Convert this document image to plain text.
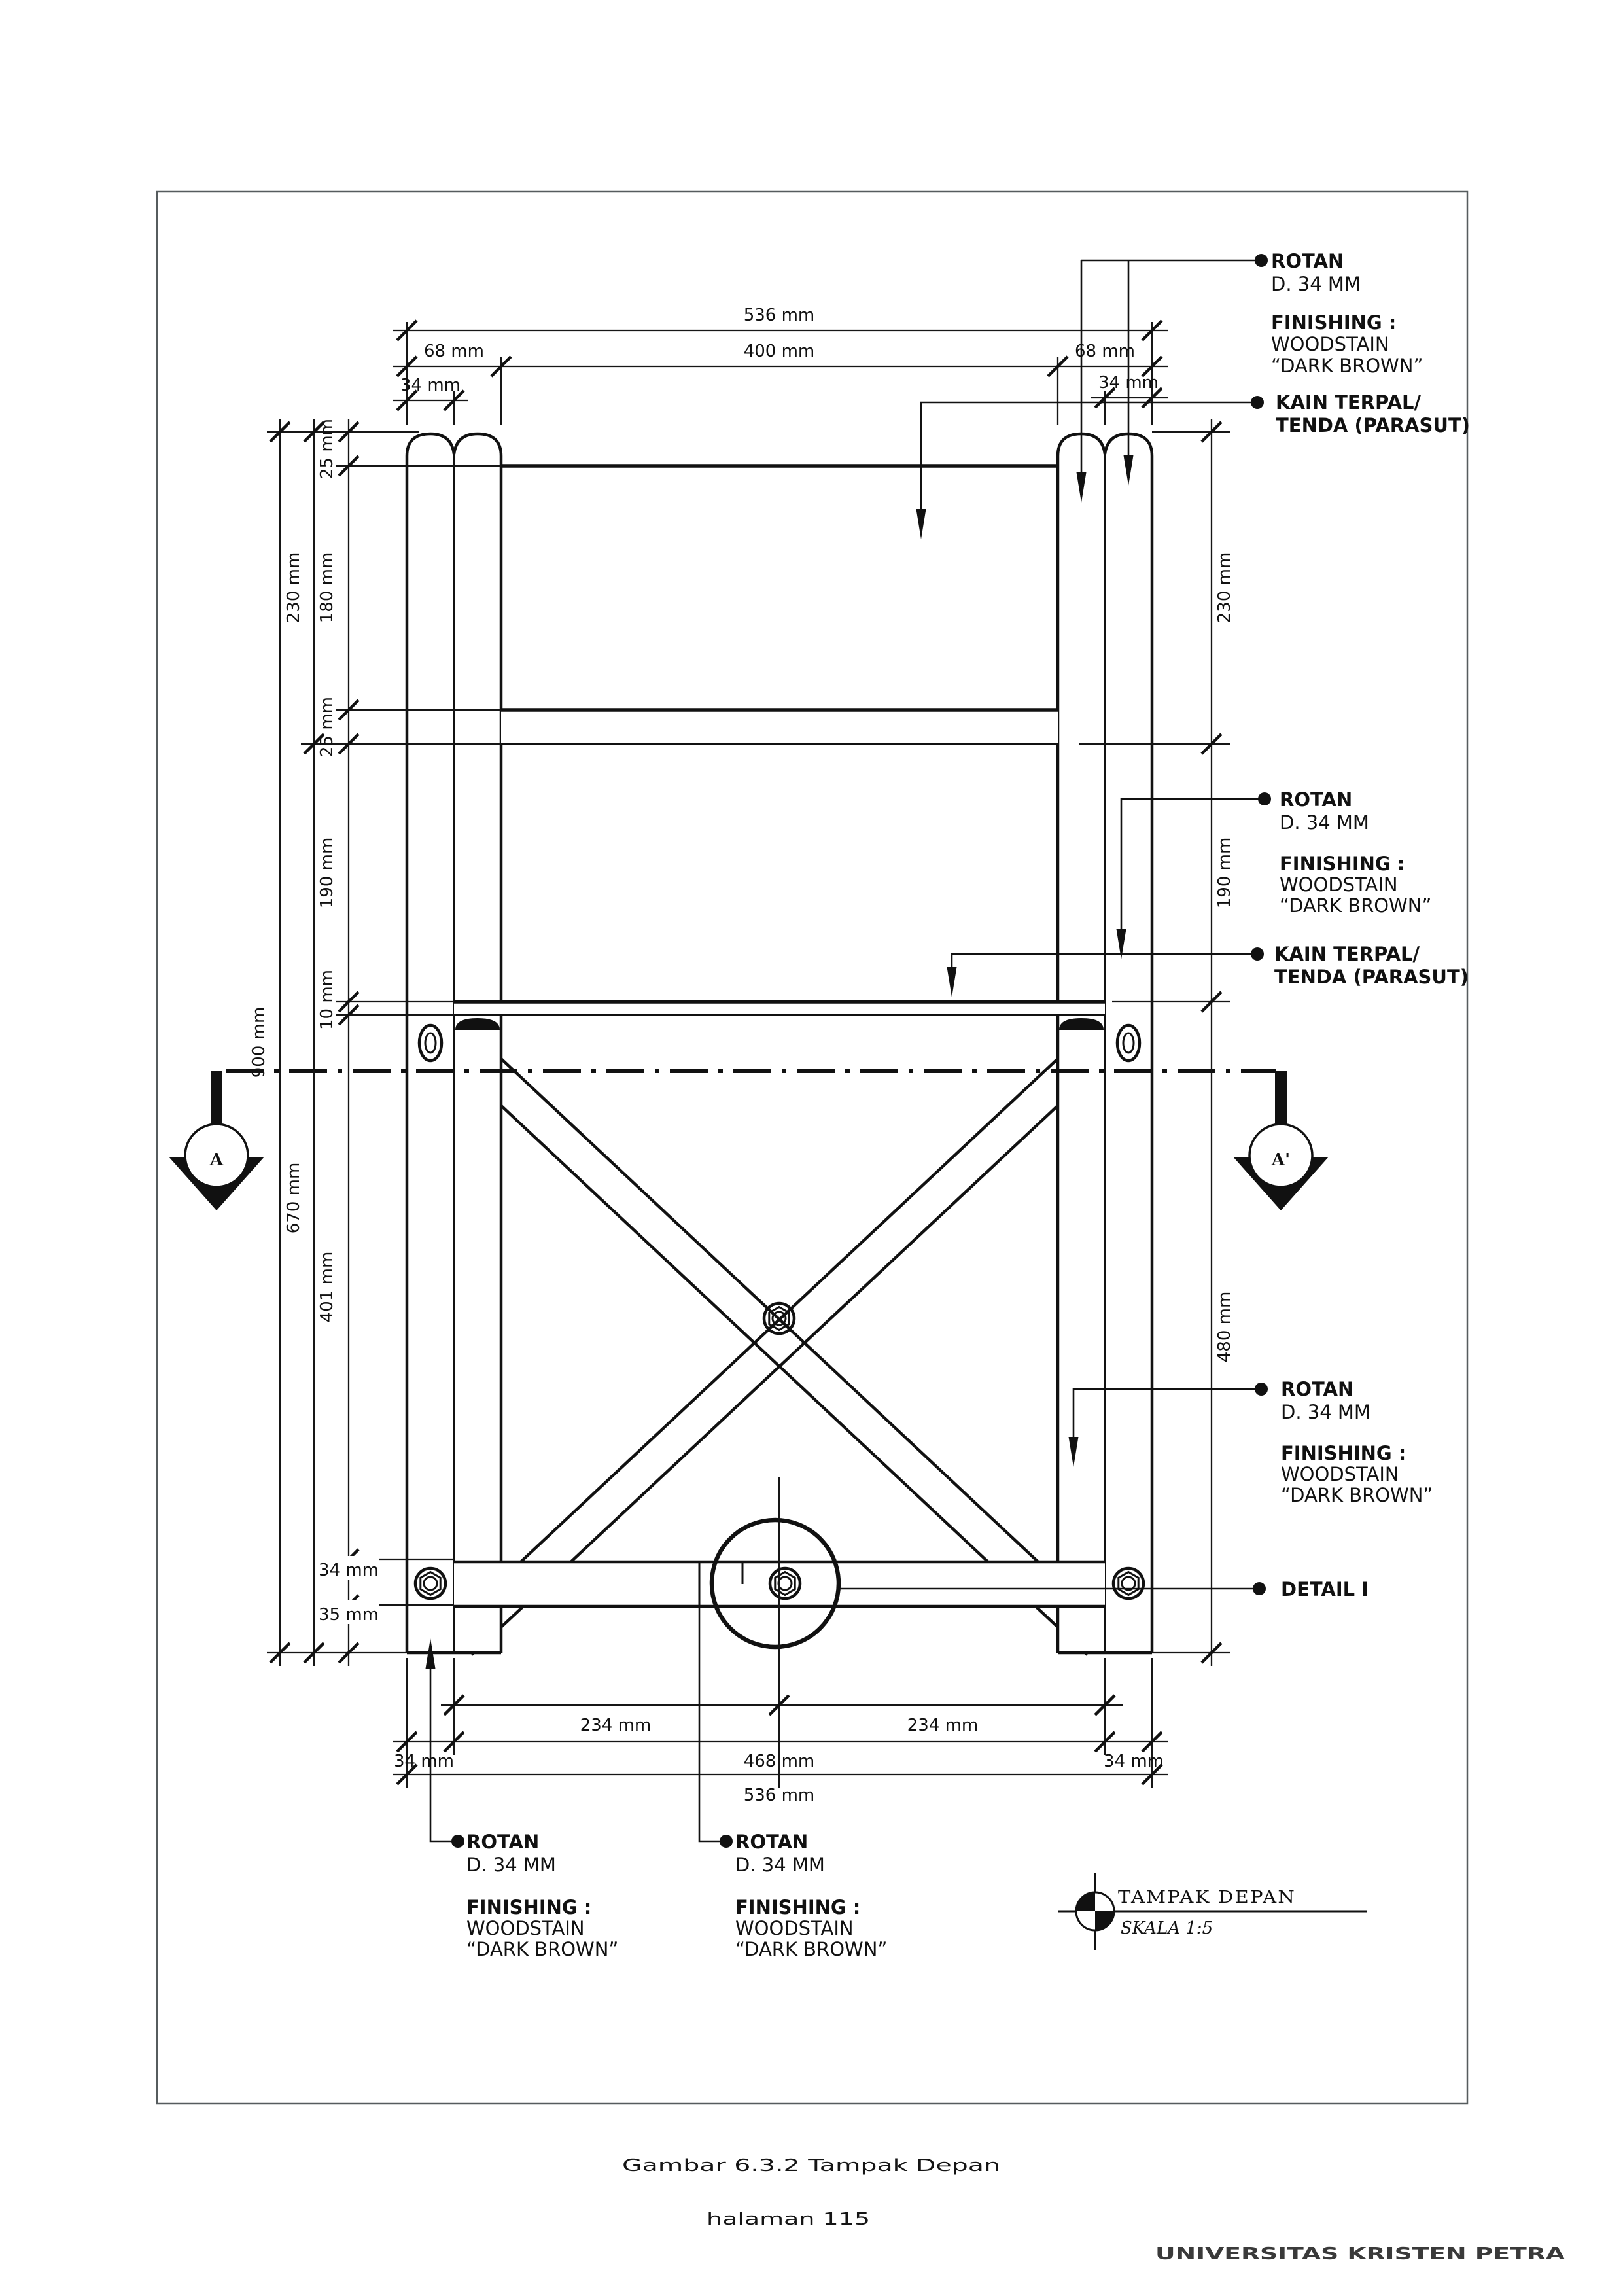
A	A'
536 mm
68 mm	400 mm	68 mm
34 mm	34 mm
900 mm
230 mm
670 mm
25 mm
180 mm
25 mm
190 mm
10 mm
401 mm
34 mm
35 mm
230 mm
190 mm
480 mm
234 mm	234 mm
34 mm	468 mm	34 mm
536 mm
ROTAN
D. 34 MM
FINISHING :
WOODSTAIN
“DARK BROWN”
KAIN TERPAL/
TENDA (PARASUT)
ROTAN
D. 34 MM
FINISHING :
WOODSTAIN
“DARK BROWN”
KAIN TERPAL/
TENDA (PARASUT)
ROTAN
D. 34 MM
FINISHING :
WOODSTAIN
“DARK BROWN”
DETAIL I
ROTAN
D. 34 MM
FINISHING :
WOODSTAIN
“DARK BROWN”
ROTAN
D. 34 MM
FINISHING :
WOODSTAIN
“DARK BROWN”
TAMPAK DEPAN
SKALA 1:5
Gambar 6.3.2 Tampak Depan
halaman 115
UNIVERSITAS KRISTEN PETRA
